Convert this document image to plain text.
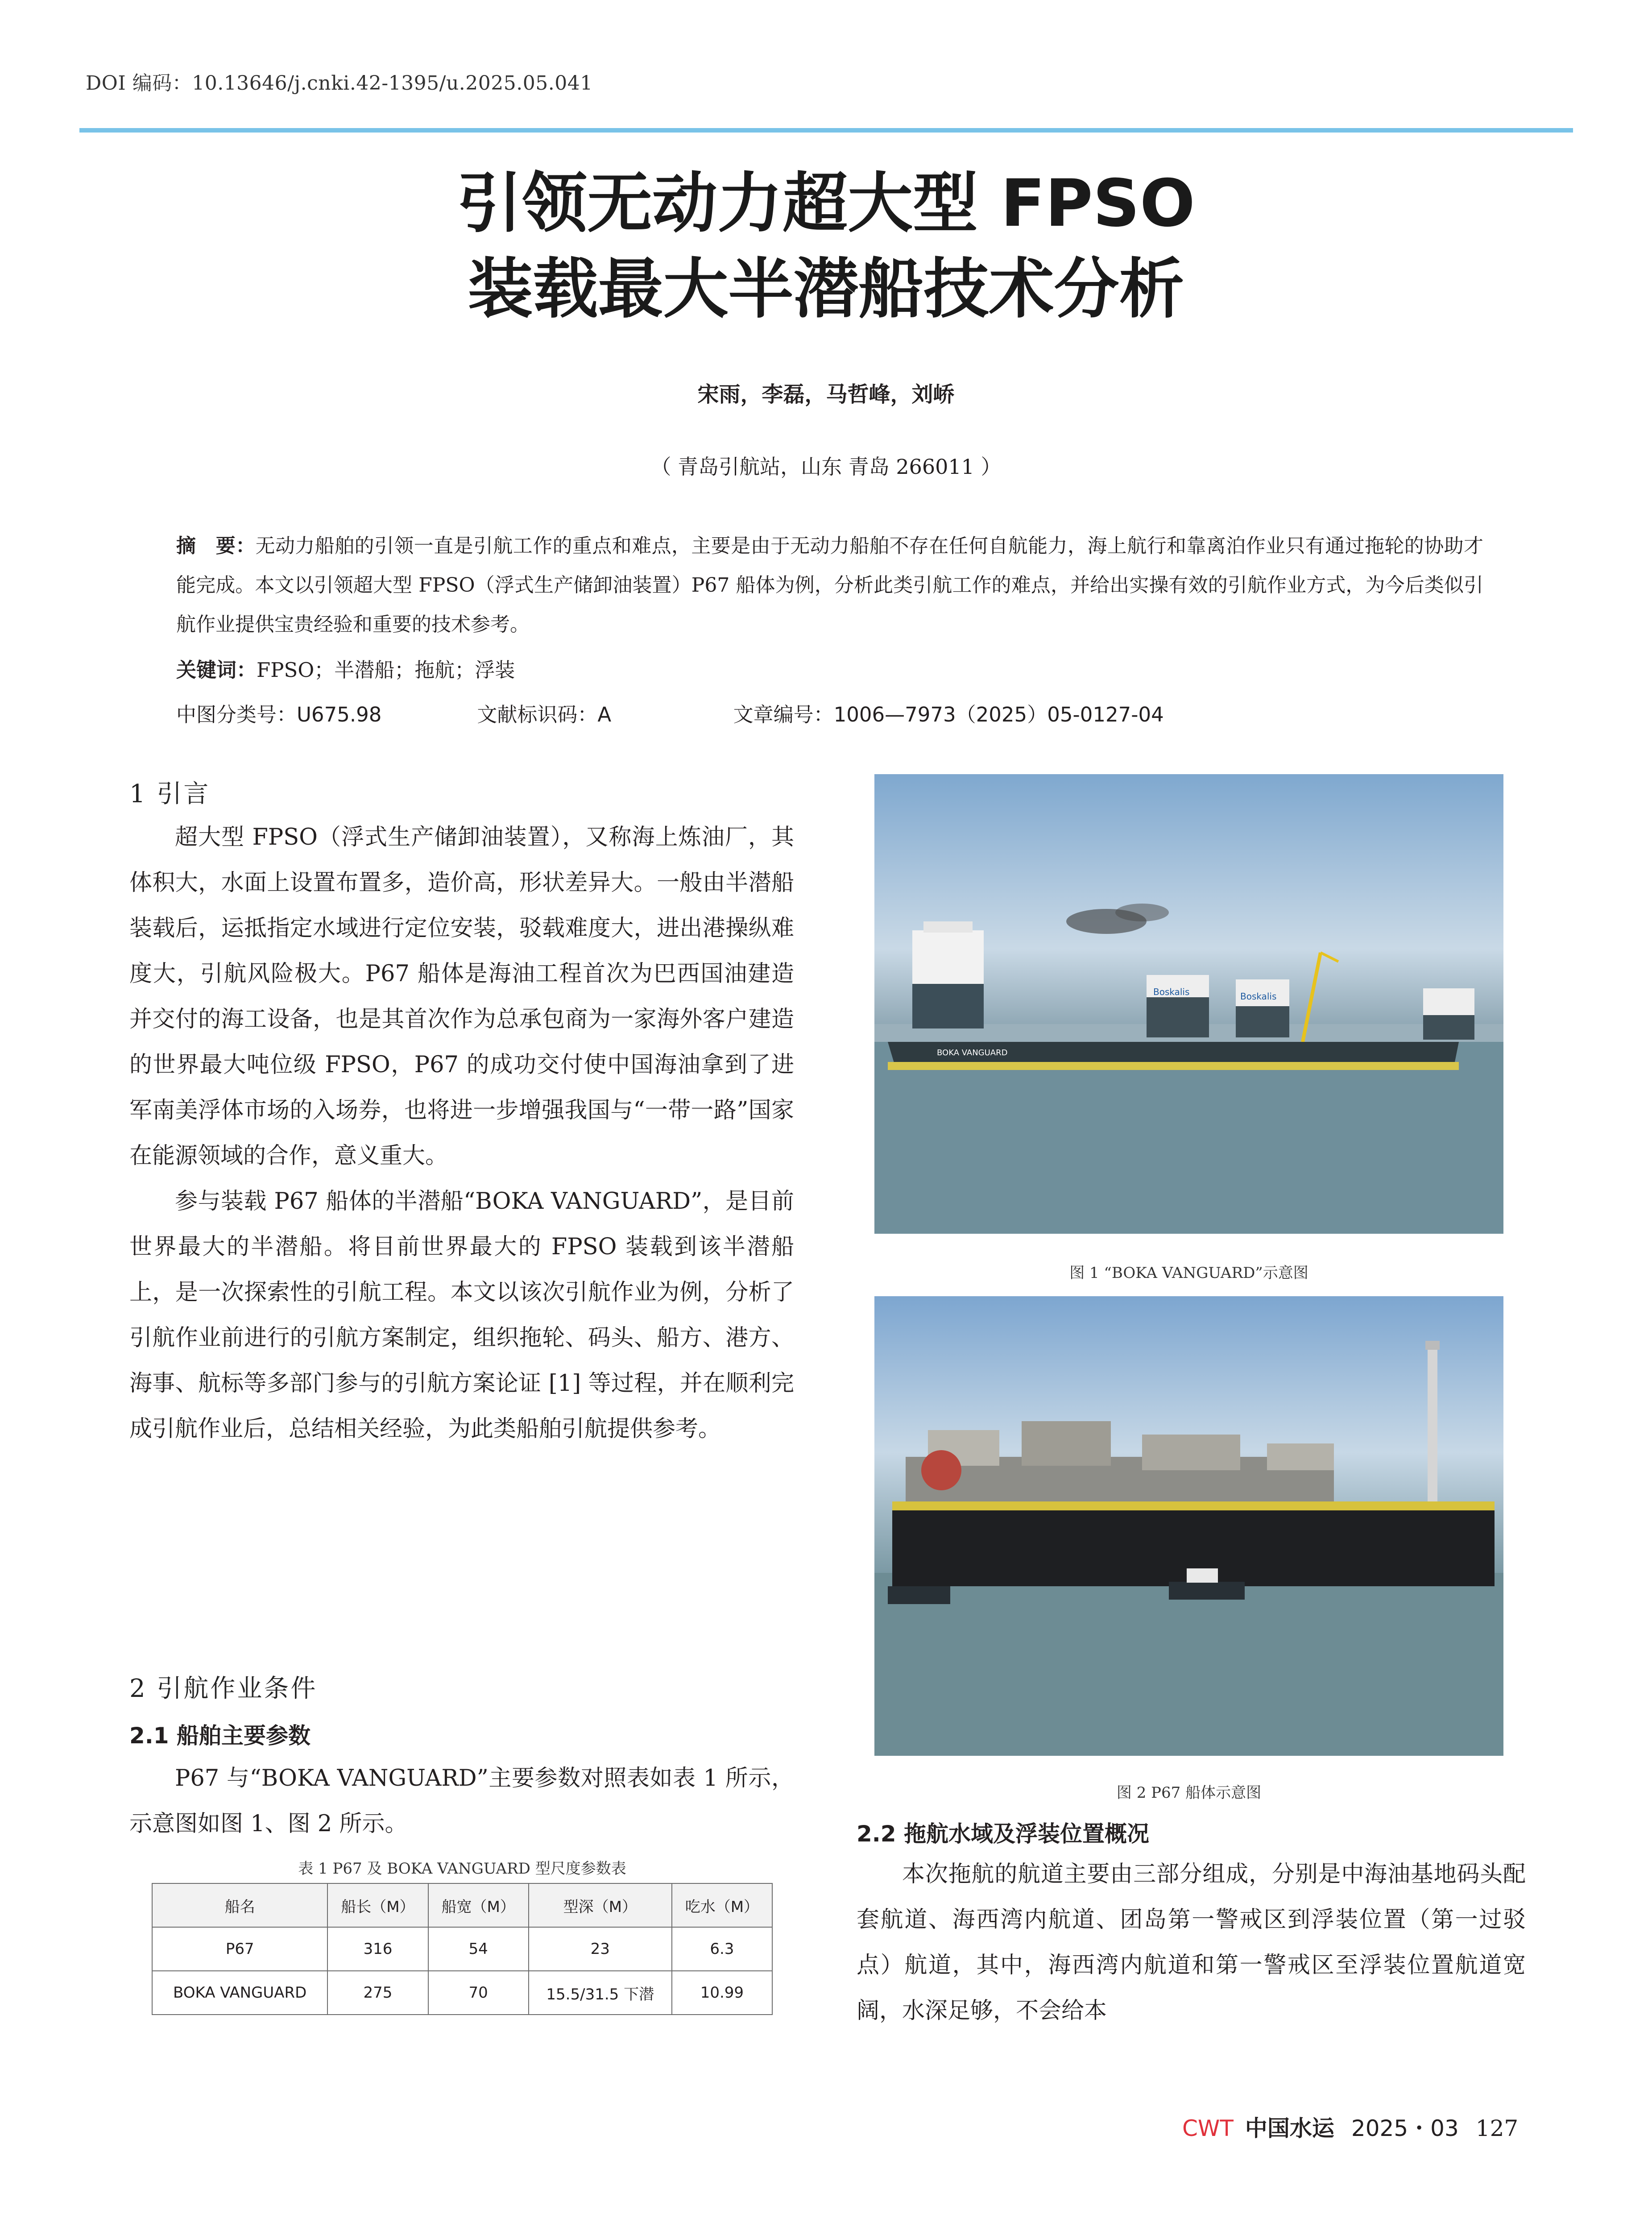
DOI 编码：10.13646/j.cnki.42-1395/u.2025.05.041
引领无动力超大型 FPSO
装载最大半潜船技术分析
宋雨，李磊，马哲峰，刘峤
（ 青岛引航站，山东 青岛 266011 ）
摘　要：无动力船舶的引领一直是引航工作的重点和难点，主要是由于无动力船舶不存在任何自航能力，海上航行和靠离泊作业只有通过拖轮的协助才能完成。本文以引领超大型 FPSO（浮式生产储卸油装置）P67 船体为例，分析此类引航工作的难点，并给出实操有效的引航作业方式，为今后类似引航作业提供宝贵经验和重要的技术参考。
关键词：FPSO；半潜船；拖航；浮装
中图分类号：U675.98	文献标识码：A	文章编号：1006—7973（2025）05-0127-04
1 引言

超大型 FPSO（浮式生产储卸油装置），又称海上炼油厂，其体积大，水面上设置布置多，造价高，形状差异大。一般由半潜船装载后，运抵指定水域进行定位安装，驳载难度大，进出港操纵难度大，引航风险极大。P67 船体是海油工程首次为巴西国油建造并交付的海工设备，也是其首次作为总承包商为一家海外客户建造的世界最大吨位级 FPSO，P67 的成功交付使中国海油拿到了进军南美浮体市场的入场券，也将进一步增强我国与“一带一路”国家在能源领域的合作，意义重大。

参与装载 P67 船体的半潜船“BOKA VANGUARD”，是目前世界最大的半潜船。将目前世界最大的 FPSO 装载到该半潜船上，是一次探索性的引航工程。本文以该次引航作业为例，分析了引航作业前进行的引航方案制定，组织拖轮、码头、船方、港方、海事、航标等多部门参与的引航方案论证 [1] 等过程，并在顺利完成引航作业后，总结相关经验，为此类船舶引航提供参考。

2 引航作业条件
2.1 船舶主要参数

P67 与“BOKA VANGUARD”主要参数对照表如表 1 所示，示意图如图 1、图 2 所示。

表 1 P67 及 BOKA VANGUARD 型尺度参数表
船名	船长（M）	船宽（M）	型深（M）	吃水（M）
P67	316	54	23	6.3
BOKA VANGUARD	275	70	15.5/31.5 下潜	10.99
Boskalis	Boskalis
BOKA VANGUARD
图 1 “BOKA VANGUARD”示意图
图 2 P67 船体示意图
2.2 拖航水域及浮装位置概况

本次拖航的航道主要由三部分组成，分别是中海油基地码头配套航道、海西湾内航道、团岛第一警戒区到浮装位置（第一过驳点）航道，其中，海西湾内航道和第一警戒区至浮装位置航道宽阔，水深足够，不会给本

CWT 中国水运 2025・03 127
